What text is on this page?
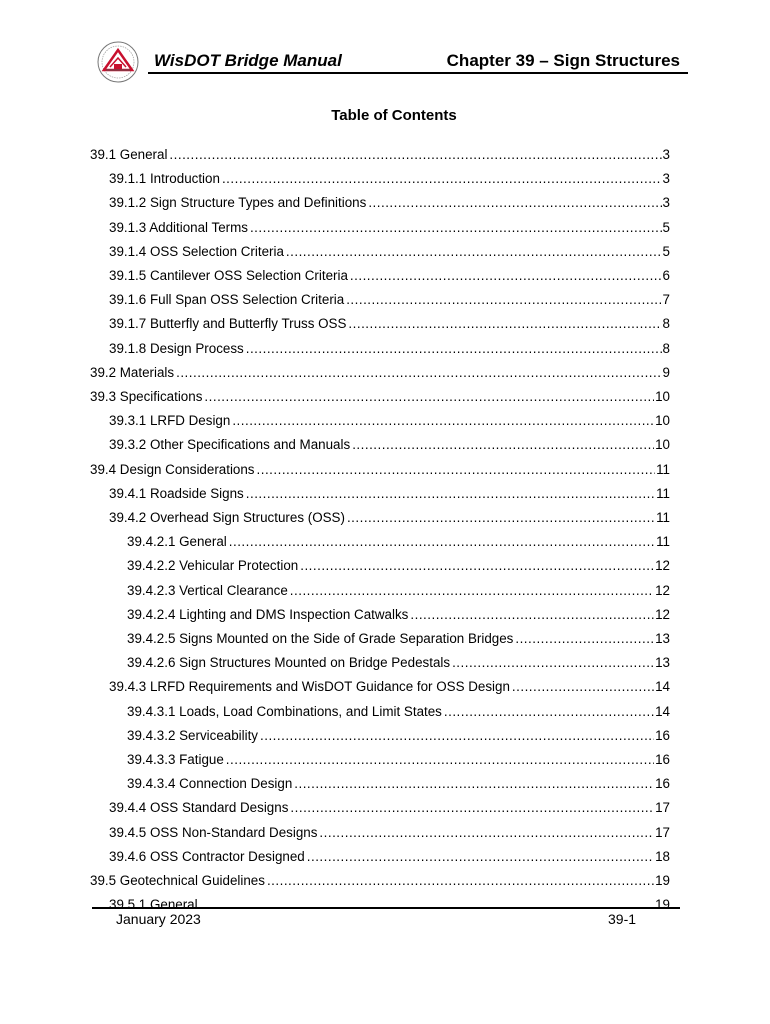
WisDOT Bridge Manual	Chapter 39 – Sign Structures
Table of Contents
39.1 General .....	3
39.1.1 Introduction .....	3
39.1.2 Sign Structure Types and Definitions .....	3
39.1.3 Additional Terms .....	5
39.1.4 OSS Selection Criteria .....	5
39.1.5 Cantilever OSS Selection Criteria .....	6
39.1.6 Full Span OSS Selection Criteria .....	7
39.1.7 Butterfly and Butterfly Truss OSS .....	8
39.1.8 Design Process .....	8
39.2 Materials .....	9
39.3 Specifications .....	10
39.3.1 LRFD Design .....	10
39.3.2 Other Specifications and Manuals .....	10
39.4 Design Considerations .....	11
39.4.1 Roadside Signs .....	11
39.4.2 Overhead Sign Structures (OSS) .....	11
39.4.2.1 General .....	11
39.4.2.2 Vehicular Protection .....	12
39.4.2.3 Vertical Clearance .....	12
39.4.2.4 Lighting and DMS Inspection Catwalks .....	12
39.4.2.5 Signs Mounted on the Side of Grade Separation Bridges .....	13
39.4.2.6 Sign Structures Mounted on Bridge Pedestals .....	13
39.4.3 LRFD Requirements and WisDOT Guidance for OSS Design .....	14
39.4.3.1 Loads, Load Combinations, and Limit States .....	14
39.4.3.2 Serviceability .....	16
39.4.3.3 Fatigue .....	16
39.4.3.4 Connection Design .....	16
39.4.4 OSS Standard Designs .....	17
39.4.5 OSS Non-Standard Designs .....	17
39.4.6 OSS Contractor Designed .....	18
39.5 Geotechnical Guidelines .....	19
39.5.1 General .....	19
January 2023	39-1
